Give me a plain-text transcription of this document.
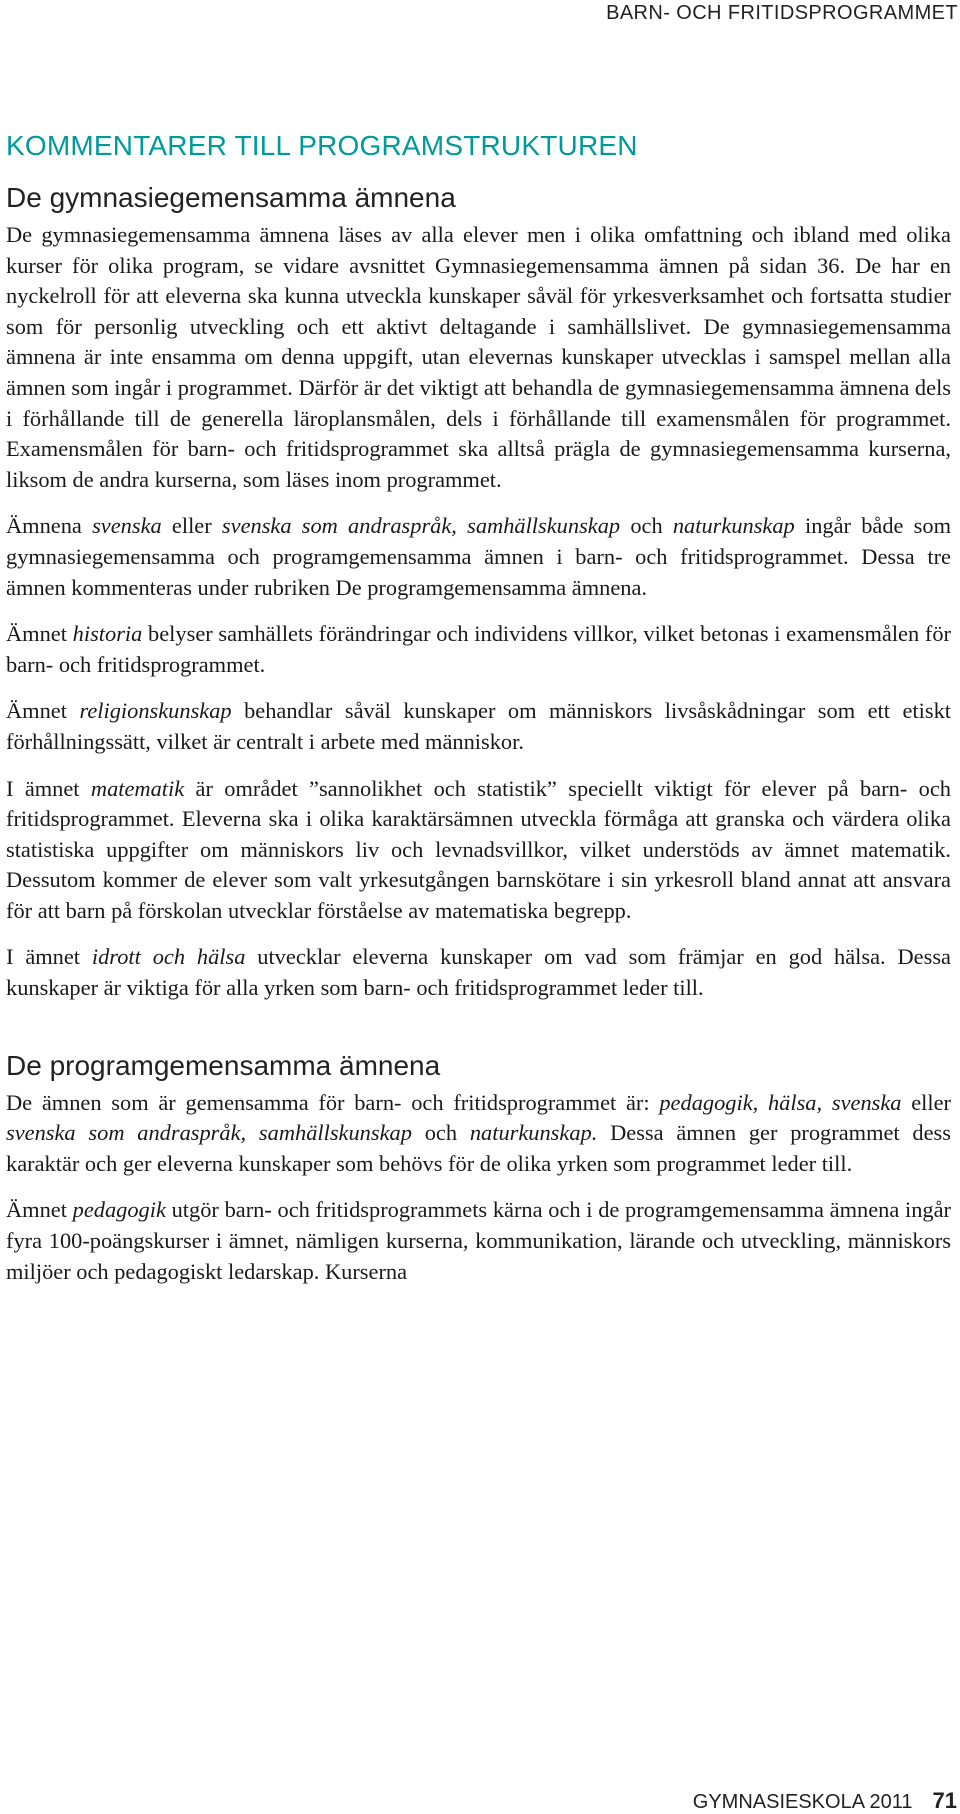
BARN- OCH FRITIDSPROGRAMMET
KOMMENTARER TILL PROGRAMSTRUKTUREN
De gymnasiegemensamma ämnena

De gymnasiegemensamma ämnena läses av alla elever men i olika omfattning och ibland med olika kurser för olika program, se vidare avsnittet Gymnasiegemensamma ämnen på sidan 36. De har en nyckelroll för att eleverna ska kunna utveckla kunskaper såväl för yrkesverksamhet och fortsatta studier som för personlig utveckling och ett aktivt deltagande i samhällslivet. De gymnasiegemensamma ämnena är inte ensamma om denna uppgift, utan elevernas kunskaper utvecklas i samspel mellan alla ämnen som ingår i programmet. Därför är det viktigt att behandla de gymnasiegemensamma ämnena dels i förhållande till de generella läroplansmålen, dels i förhållande till examensmålen för programmet. Examensmålen för barn- och fritidsprogrammet ska alltså prägla de gymnasiegemensamma kurserna, liksom de andra kurserna, som läses inom programmet.

Ämnena svenska eller svenska som andraspråk, samhällskunskap och naturkunskap ingår både som gymnasiegemensamma och programgemensamma ämnen i barn- och fritidsprogrammet. Dessa tre ämnen kommenteras under rubriken De programgemensamma ämnena.

Ämnet historia belyser samhällets förändringar och individens villkor, vilket betonas i examensmålen för barn- och fritidsprogrammet.

Ämnet religionskunskap behandlar såväl kunskaper om människors livsåskådningar som ett etiskt förhållningssätt, vilket är centralt i arbete med människor.

I ämnet matematik är området ”sannolikhet och statistik” speciellt viktigt för elever på barn- och fritidsprogrammet. Eleverna ska i olika karaktärsämnen utveckla förmåga att granska och värdera olika statistiska uppgifter om människors liv och levnadsvillkor, vilket understöds av ämnet matematik. Dessutom kommer de elever som valt yrkesutgången barnskötare i sin yrkesroll bland annat att ansvara för att barn på förskolan utvecklar förståelse av matematiska begrepp.

I ämnet idrott och hälsa utvecklar eleverna kunskaper om vad som främjar en god hälsa. Dessa kunskaper är viktiga för alla yrken som barn- och fritidsprogrammet leder till.

De programgemensamma ämnena

De ämnen som är gemensamma för barn- och fritidsprogrammet är: pedagogik, hälsa, svenska eller svenska som andraspråk, samhällskunskap och naturkunskap. Dessa ämnen ger programmet dess karaktär och ger eleverna kunskaper som behövs för de olika yrken som programmet leder till.

Ämnet pedagogik utgör barn- och fritidsprogrammets kärna och i de programgemensamma ämnena ingår fyra 100-poängskurser i ämnet, nämligen kurserna, kommunikation, lärande och utveckling, människors miljöer och pedagogiskt ledarskap. Kurserna

GYMNASIESKOLA 2011 71
